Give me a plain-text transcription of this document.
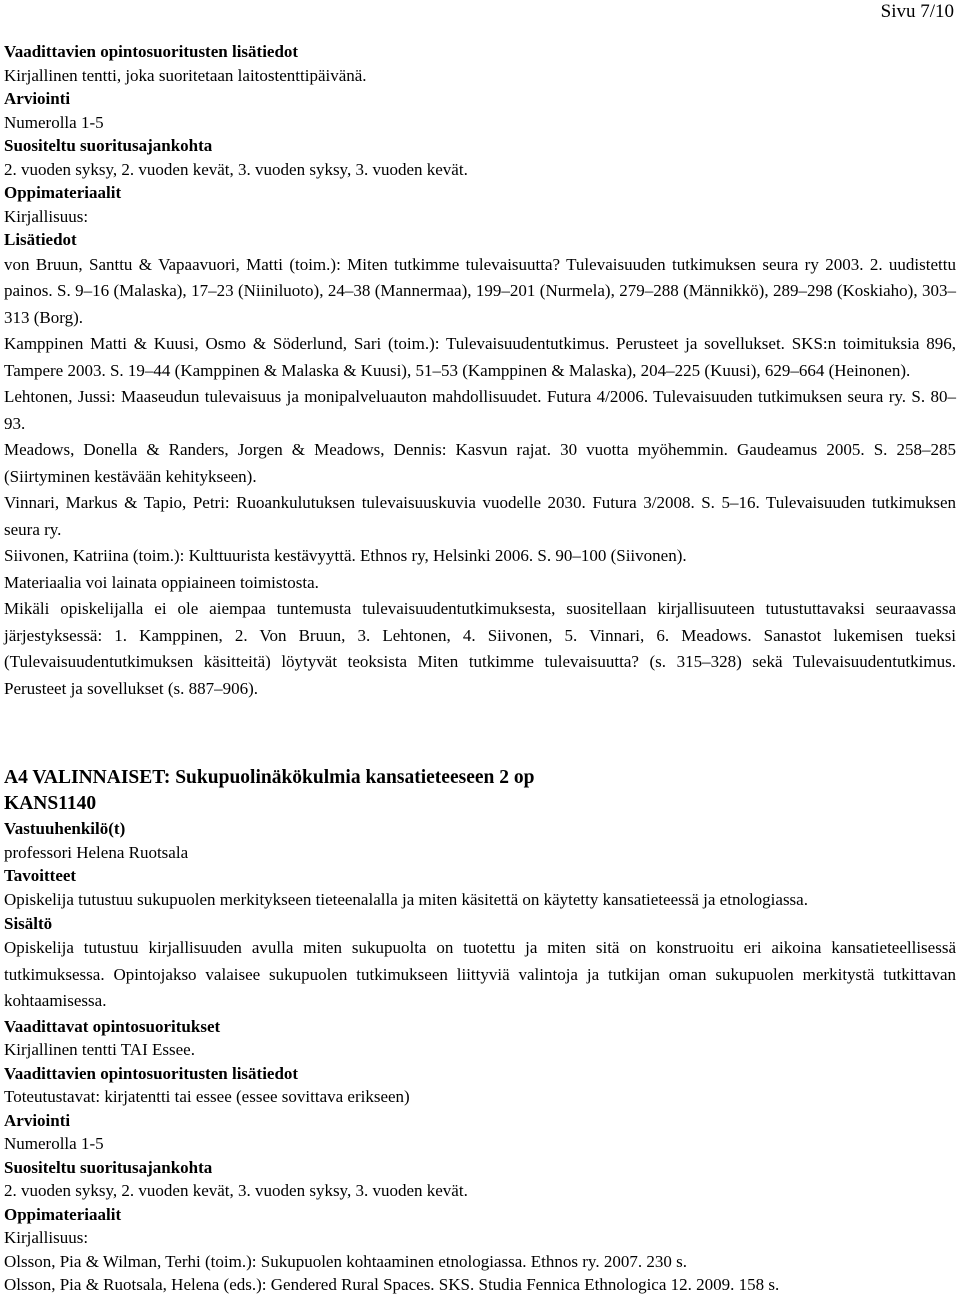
Sivu 7/10

Vaadittavien opintosuoritusten lisätiedot

Kirjallinen tentti, joka suoritetaan laitostenttipäivänä.

Arviointi

Numerolla 1-5

Suositeltu suoritusajankohta

2. vuoden syksy, 2. vuoden kevät, 3. vuoden syksy, 3. vuoden kevät.

Oppimateriaalit

Kirjallisuus:

Lisätiedot

von Bruun, Santtu & Vapaavuori, Matti (toim.): Miten tutkimme tulevaisuutta? Tulevaisuuden tutkimuksen seura ry 2003. 2. uudistettu painos. S. 9–16 (Malaska), 17–23 (Niiniluoto), 24–38 (Mannermaa), 199–201 (Nurmela), 279–288 (Männikkö), 289–298 (Koskiaho), 303–313 (Borg).

Kamppinen Matti & Kuusi, Osmo & Söderlund, Sari (toim.): Tulevaisuudentutkimus. Perusteet ja sovellukset. SKS:n toimituksia 896, Tampere 2003. S. 19–44 (Kamppinen & Malaska & Kuusi), 51–53 (Kamppinen & Malaska), 204–225 (Kuusi), 629–664 (Heinonen).

Lehtonen, Jussi: Maaseudun tulevaisuus ja monipalveluauton mahdollisuudet. Futura 4/2006. Tulevaisuuden tutkimuksen seura ry. S. 80–93.

Meadows, Donella & Randers, Jorgen & Meadows, Dennis: Kasvun rajat. 30 vuotta myöhemmin. Gaudeamus 2005. S. 258–285 (Siirtyminen kestävään kehitykseen).

Vinnari, Markus & Tapio, Petri: Ruoankulutuksen tulevaisuuskuvia vuodelle 2030. Futura 3/2008. S. 5–16. Tulevaisuuden tutkimuksen seura ry.

Siivonen, Katriina (toim.): Kulttuurista kestävyyttä. Ethnos ry, Helsinki 2006. S. 90–100 (Siivonen).

Materiaalia voi lainata oppiaineen toimistosta.

Mikäli opiskelijalla ei ole aiempaa tuntemusta tulevaisuudentutkimuksesta, suositellaan kirjallisuuteen tutustuttavaksi seuraavassa järjestyksessä: 1. Kamppinen, 2. Von Bruun, 3. Lehtonen, 4. Siivonen, 5. Vinnari, 6. Meadows. Sanastot lukemisen tueksi (Tulevaisuudentutkimuksen käsitteitä) löytyvät teoksista Miten tutkimme tulevaisuutta? (s. 315–328) sekä Tulevaisuudentutkimus. Perusteet ja sovellukset (s. 887–906).

A4 VALINNAISET: Sukupuolinäkökulmia kansatieteeseen 2 op

KANS1140

Vastuuhenkilö(t)

professori Helena Ruotsala

Tavoitteet

Opiskelija tutustuu sukupuolen merkitykseen tieteenalalla ja miten käsitettä on käytetty kansatieteessä ja etnologiassa.

Sisältö

Opiskelija tutustuu kirjallisuuden avulla miten sukupuolta on tuotettu ja miten sitä on konstruoitu eri aikoina kansatieteellisessä tutkimuksessa. Opintojakso valaisee sukupuolen tutkimukseen liittyviä valintoja ja tutkijan oman sukupuolen merkitystä tutkittavan kohtaamisessa.

Vaadittavat opintosuoritukset

Kirjallinen tentti TAI Essee.

Vaadittavien opintosuoritusten lisätiedot

Toteutustavat: kirjatentti tai essee (essee sovittava erikseen)

Arviointi

Numerolla 1-5

Suositeltu suoritusajankohta

2. vuoden syksy, 2. vuoden kevät, 3. vuoden syksy, 3. vuoden kevät.

Oppimateriaalit

Kirjallisuus:

Olsson, Pia & Wilman, Terhi (toim.): Sukupuolen kohtaaminen etnologiassa. Ethnos ry. 2007. 230 s.

Olsson, Pia & Ruotsala, Helena (eds.): Gendered Rural Spaces. SKS. Studia Fennica Ethnologica 12. 2009. 158 s.
